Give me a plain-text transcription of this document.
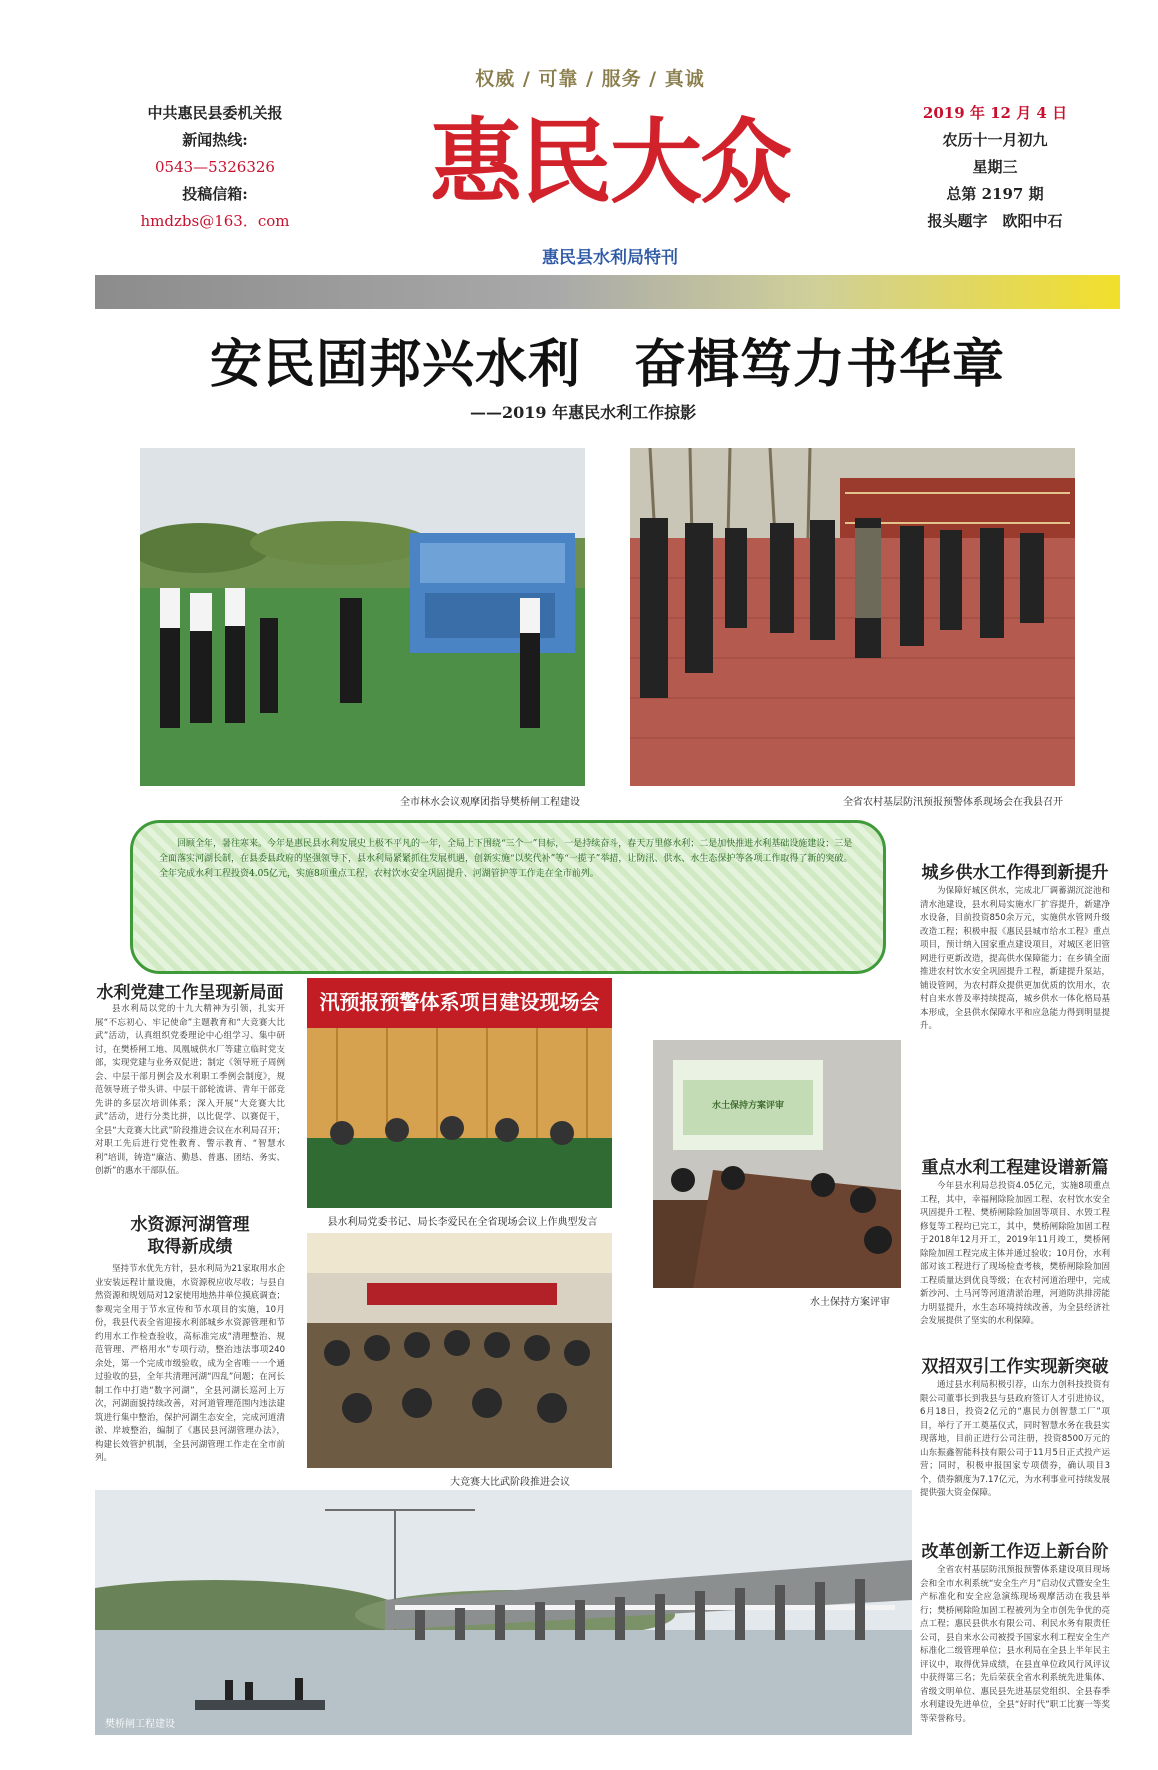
中共惠民县委机关报
新闻热线:
0543—5326326
投稿信箱:
hmdzbs@163．com
权威 / 可靠 / 服务 / 真诚
惠民大众
惠民县水利局特刊
2019 年 12 月 4 日
农历十一月初九
星期三
总第 2197 期
报头题字　欧阳中石
安民固邦兴水利　奋楫笃力书华章
——2019 年惠民水利工作掠影
全市林水会议观摩团指导樊桥闸工程建设	全省农村基层防汛预报预警体系现场会在我县召开

回顾全年，暑往寒来。今年是惠民县水利发展史上极不平凡的一年，全局上下围绕“三个一”目标，一是持续奋斗，春天万里修水利；二是加快推进水利基础设施建设；三是全面落实河湖长制，在县委县政府的坚强领导下，县水利局紧紧抓住发展机遇，创新实施“以奖代补”等“一揽子”举措，让防汛、供水、水生态保护等各项工作取得了新的突破。全年完成水利工程投资4.05亿元，实施8项重点工程，农村饮水安全巩固提升、河湖管护等工作走在全市前列。

水利党建工作呈现新局面
县水利局以党的十九大精神为引领，扎实开展“不忘初心、牢记使命”主题教育和“大竞赛大比武”活动，认真组织党委理论中心组学习、集中研讨，在樊桥闸工地、凤凰城供水厂等建立临时党支部，实现党建与业务双促进；制定《领导班子周例会、中层干部月例会及水利职工季例会制度》，规范领导班子带头讲、中层干部轮流讲、青年干部竞先讲的多层次培训体系；深入开展“大竞赛大比武”活动，进行分类比拼，以比促学、以赛促干，全县“大竞赛大比武”阶段推进会议在水利局召开；对职工先后进行党性教育、警示教育、“智慧水利”培训，铸造“廉洁、勤恳、普惠、团结、务实、创新”的惠水干部队伍。
水资源河湖管理
取得新成绩
坚持节水优先方针，县水利局为21家取用水企业安装远程计量设施，水资源税应收尽收；与县自然资源和规划局对12家使用地热井单位摸底调查；参观完全用于节水宣传和节水项目的实施，10月份，我县代表全省迎接水利部城乡水资源管理和节约用水工作检查验收，高标准完成“清理整治、规范管理、严格用水”专项行动，整治违法事项240余处，第一个完成市级验收，成为全省唯一一个通过验收的县，全年共清理河湖“四乱”问题；在河长制工作中打造“数字河湖”，全县河湖长巡河上万次，河湖面貌持续改善，对河道管理范围内违法建筑进行集中整治，保护河湖生态安全，完成河道清淤、岸坡整治，编制了《惠民县河湖管理办法》，构建长效管护机制，全县河湖管理工作走在全市前列。
汛预报预警体系项目建设现场会
县水利局党委书记、局长李爱民在全省现场会议上作典型发言
大竞赛大比武阶段推进会议
水土保持方案评审
水土保持方案评审
樊桥闸工程建设
城乡供水工作得到新提升
为保障好城区供水，完成北厂调蓄湖沉淀池和清水池建设，县水利局实施水厂扩容提升，新建净水设备，目前投资850余万元，实施供水管网升级改造工程；积极申报《惠民县城市给水工程》重点项目，预计纳入国家重点建设项目，对城区老旧管网进行更新改造，提高供水保障能力；在乡镇全面推进农村饮水安全巩固提升工程，新建提升泵站，铺设管网，为农村群众提供更加优质的饮用水，农村自来水普及率持续提高，城乡供水一体化格局基本形成，全县供水保障水平和应急能力得到明显提升。
重点水利工程建设谱新篇
今年县水利局总投资4.05亿元，实施8项重点工程，其中，幸福闸除险加固工程、农村饮水安全巩固提升工程、樊桥闸除险加固等项目、水毁工程修复等工程均已完工，其中，樊桥闸除险加固工程于2018年12月开工，2019年11月竣工，樊桥闸除险加固工程完成主体并通过验收；10月份，水利部对该工程进行了现场检查考核，樊桥闸除险加固工程质量达到优良等级；在农村河道治理中，完成新沙河、土马河等河道清淤治理，河道防洪排涝能力明显提升，水生态环境持续改善，为全县经济社会发展提供了坚实的水利保障。
双招双引工作实现新突破
通过县水利局积极引荐，山东力创科技投资有限公司董事长到我县与县政府签订人才引进协议，6月18日，投资2亿元的“惠民力创智慧工厂”项目，举行了开工奠基仪式，同时智慧水务在我县实现落地，目前正进行公司注册，投资8500万元的山东振鑫智能科技有限公司于11月5日正式投产运营；同时，积极申报国家专项债券，确认项目3个，债券额度为7.17亿元，为水利事业可持续发展提供强大资金保障。
改革创新工作迈上新台阶
全省农村基层防汛预报预警体系建设项目现场会和全市水利系统“安全生产月”启动仪式暨安全生产标准化和安全应急演练现场观摩活动在我县举行；樊桥闸除险加固工程被列为全市创先争优的亮点工程；惠民县供水有限公司、利民水务有限责任公司，县自来水公司被授予国家水利工程安全生产标准化二级管理单位；县水利局在全县上半年民主评议中，取得优异成绩，在县直单位政风行风评议中获得第三名；先后荣获全省水利系统先进集体、省级文明单位、惠民县先进基层党组织、全县春季水利建设先进单位，全县“好时代”职工比赛一等奖等荣誉称号。
